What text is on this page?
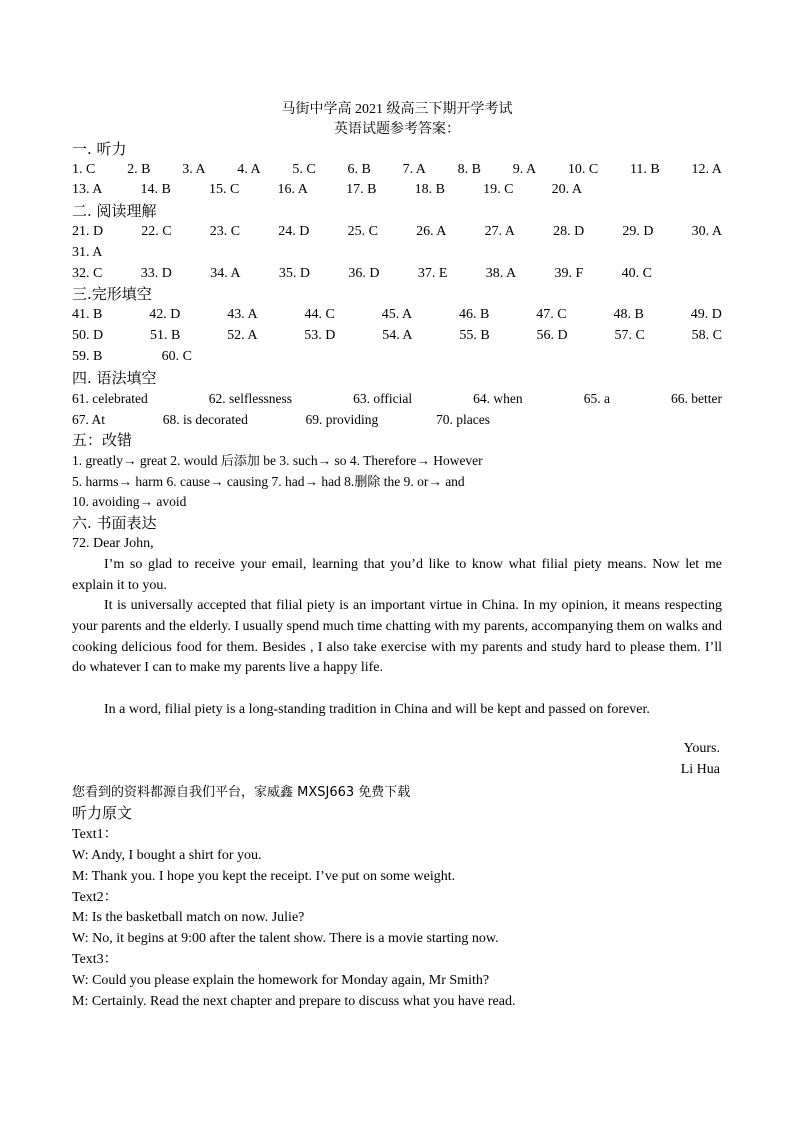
马街中学高 2021 级高三下期开学考试
英语试题参考答案：
一. 听力
1. C 2. B 3. A 4. A 5. C 6. B 7. A 8. B 9. A 10. C 11. B 12. A
13. A	14. B	15. C	16. A	17. B	18. B	19. C	20. A
二. 阅读理解
21. D	22. C	23. C	24. D	25. C	26. A	27. A	28. D	29. D	30. A
31. A
32. C	33. D	34. A	35. D	36. D	37. E	38. A	39. F	40. C
三.完形填空
41. B	42. D	43. A	44. C	45. A	46. B	47. C	48. B	49. D
50. D	51. B	52. A	53. D	54. A	55. B	56. D	57. C	58. C
59. B	60. C
四. 语法填空
61. celebrated	62. selflessness	63. official	64. when	65. a	66. better
67. At	68. is decorated	69. providing	70. places
五：改错
1. greatly→ great 2. would 后添加 be 3. such→ so 4. Therefore→ However
5. harms→ harm 6. cause→ causing 7. had→ had 8.删除 the 9. or→ and
10. avoiding→ avoid
六. 书面表达
72. Dear John,
I’m so glad to receive your email, learning that you’d like to know what filial piety means. Now let me explain it to you.
It is universally accepted that filial piety is an important virtue in China. In my opinion, it means respecting your parents and the elderly. I usually spend much time chatting with my parents, accompanying them on walks and cooking delicious food for them. Besides , I also take exercise with my parents and study hard to please them. I’ll do whatever I can to make my parents live a happy life.
In a word, filial piety is a long-standing tradition in China and will be kept and passed on forever.
Yours.
Li Hua
您看到的资料都源自我们平台，家威鑫 MXSJ663 免费下载
听力原文
Text1：
W: Andy, I bought a shirt for you.
M: Thank you. I hope you kept the receipt. I’ve put on some weight.
Text2：
M: Is the basketball match on now. Julie?
W: No, it begins at 9:00 after the talent show. There is a movie starting now.
Text3：
W: Could you please explain the homework for Monday again, Mr Smith?
M: Certainly. Read the next chapter and prepare to discuss what you have read.
